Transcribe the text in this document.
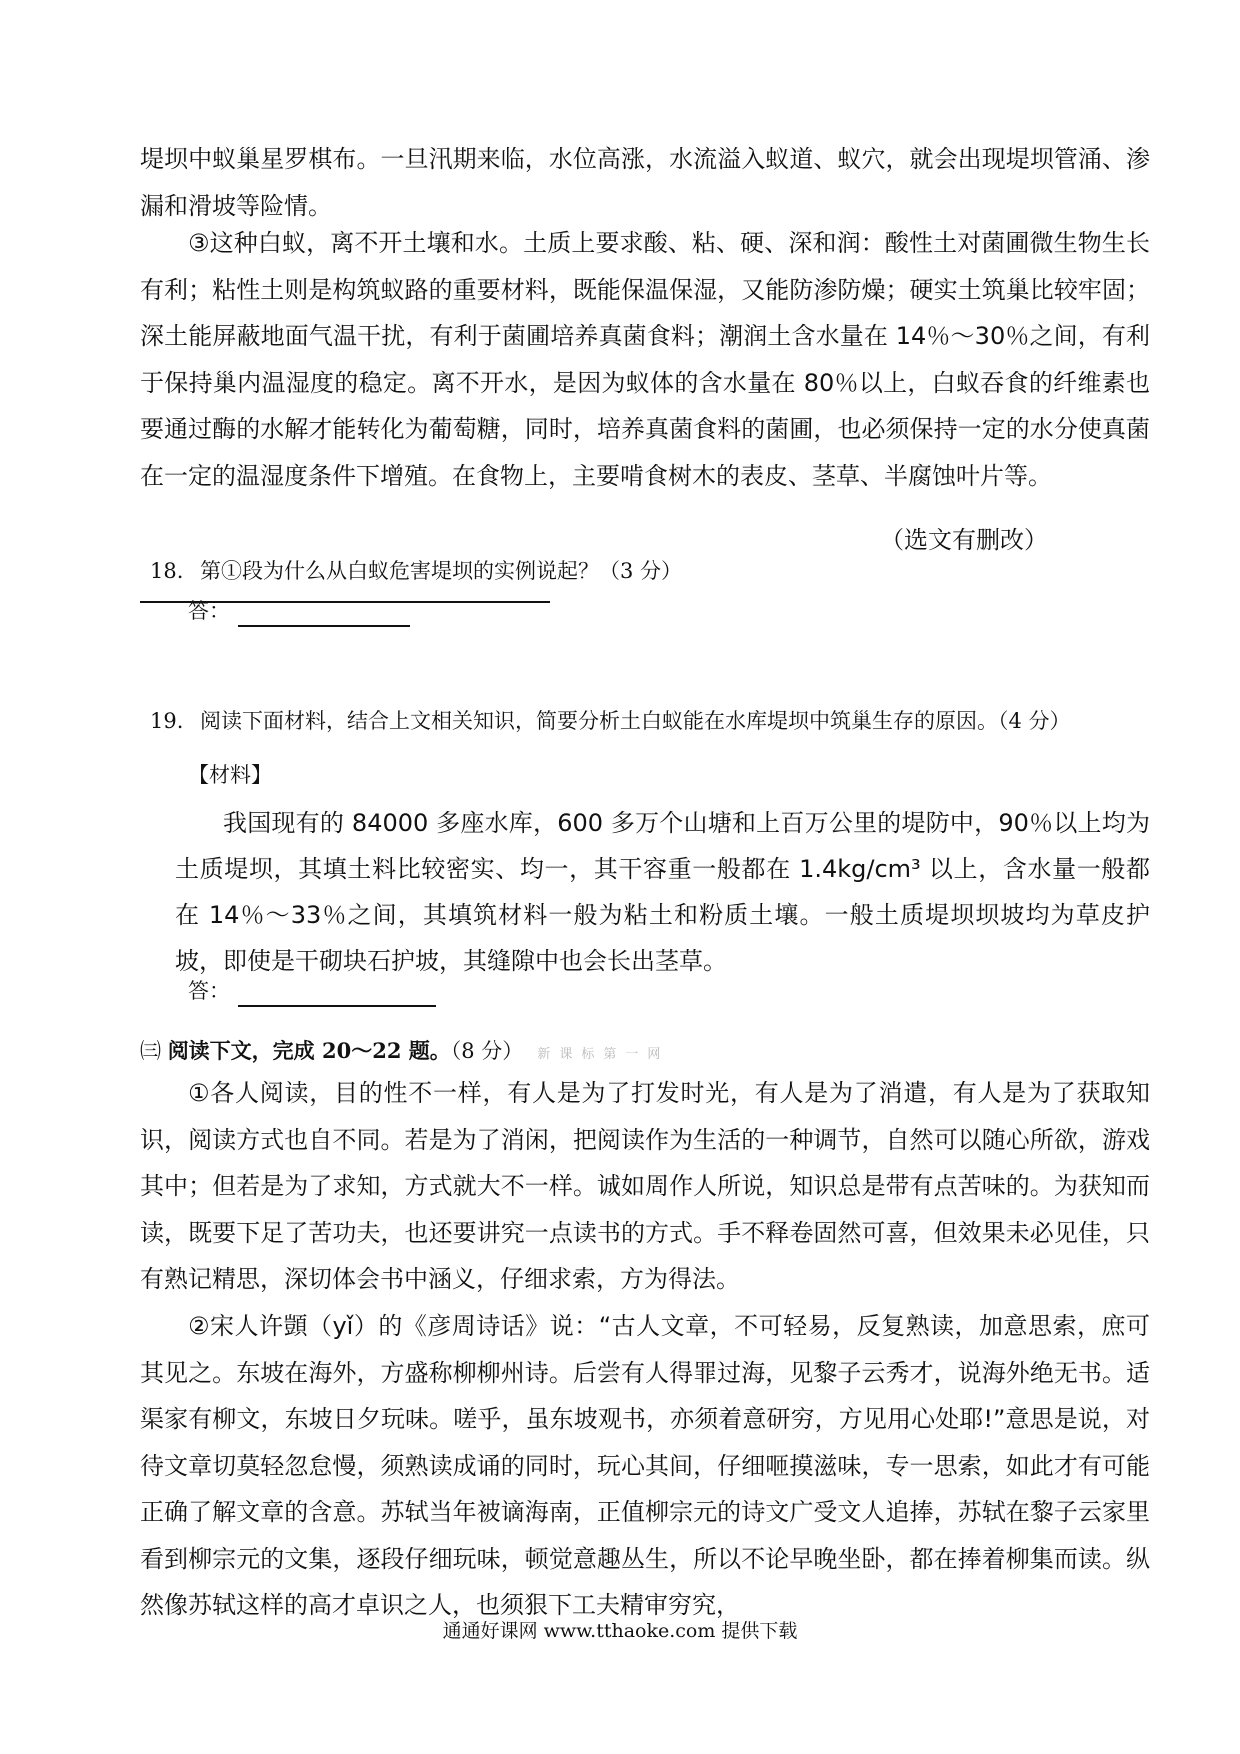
堤坝中蚁巢星罗棋布。一旦汛期来临，水位高涨，水流溢入蚁道、蚁穴，就会出现堤坝管涌、渗漏和滑坡等险情。

③这种白蚁，离不开土壤和水。土质上要求酸、粘、硬、深和润：酸性土对菌圃微生物生长有利；粘性土则是构筑蚁路的重要材料，既能保温保湿，又能防渗防燥；硬实土筑巢比较牢固；深土能屏蔽地面气温干扰，有利于菌圃培养真菌食料；潮润土含水量在 14％～30％之间，有利于保持巢内温湿度的稳定。离不开水，是因为蚁体的含水量在 80％以上，白蚁吞食的纤维素也要通过酶的水解才能转化为葡萄糖，同时，培养真菌食料的菌圃，也必须保持一定的水分使真菌在一定的温湿度条件下增殖。在食物上，主要啃食树木的表皮、茎草、半腐蚀叶片等。

（选文有删改）
18. 第①段为什么从白蚁危害堤坝的实例说起？（3 分）
答：
19. 阅读下面材料，结合上文相关知识，简要分析土白蚁能在水库堤坝中筑巢生存的原因。（4 分）
【材料】

我国现有的 84000 多座水库，600 多万个山塘和上百万公里的堤防中，90％以上均为土质堤坝，其填土料比较密实、均一，其干容重一般都在 1.4kg/cm³ 以上，含水量一般都在 14％～33％之间，其填筑材料一般为粘土和粉质土壤。一般土质堤坝坝坡均为草皮护坡，即使是干砌块石护坡，其缝隙中也会长出茎草。

答：
㈢ 阅读下文，完成 20～22 题。（8 分） 新课标第一网

①各人阅读，目的性不一样，有人是为了打发时光，有人是为了消遣，有人是为了获取知识，阅读方式也自不同。若是为了消闲，把阅读作为生活的一种调节，自然可以随心所欲，游戏其中；但若是为了求知，方式就大不一样。诚如周作人所说，知识总是带有点苦味的。为获知而读，既要下足了苦功夫，也还要讲究一点读书的方式。手不释卷固然可喜，但效果未必见佳，只有熟记精思，深切体会书中涵义，仔细求索，方为得法。

②宋人许顗（yǐ）的《彦周诗话》说：“古人文章，不可轻易，反复熟读，加意思索，庶可其见之。东坡在海外，方盛称柳柳州诗。后尝有人得罪过海，见黎子云秀才，说海外绝无书。适渠家有柳文，东坡日夕玩味。嗟乎，虽东坡观书，亦须着意研穷，方见用心处耶!”意思是说，对待文章切莫轻忽怠慢，须熟读成诵的同时，玩心其间，仔细咂摸滋味，专一思索，如此才有可能正确了解文章的含意。苏轼当年被谪海南，正值柳宗元的诗文广受文人追捧，苏轼在黎子云家里看到柳宗元的文集，逐段仔细玩味，顿觉意趣丛生，所以不论早晚坐卧，都在捧着柳集而读。纵然像苏轼这样的高才卓识之人，也须狠下工夫精审穷究，

通通好课网 www.tthaoke.com 提供下载
